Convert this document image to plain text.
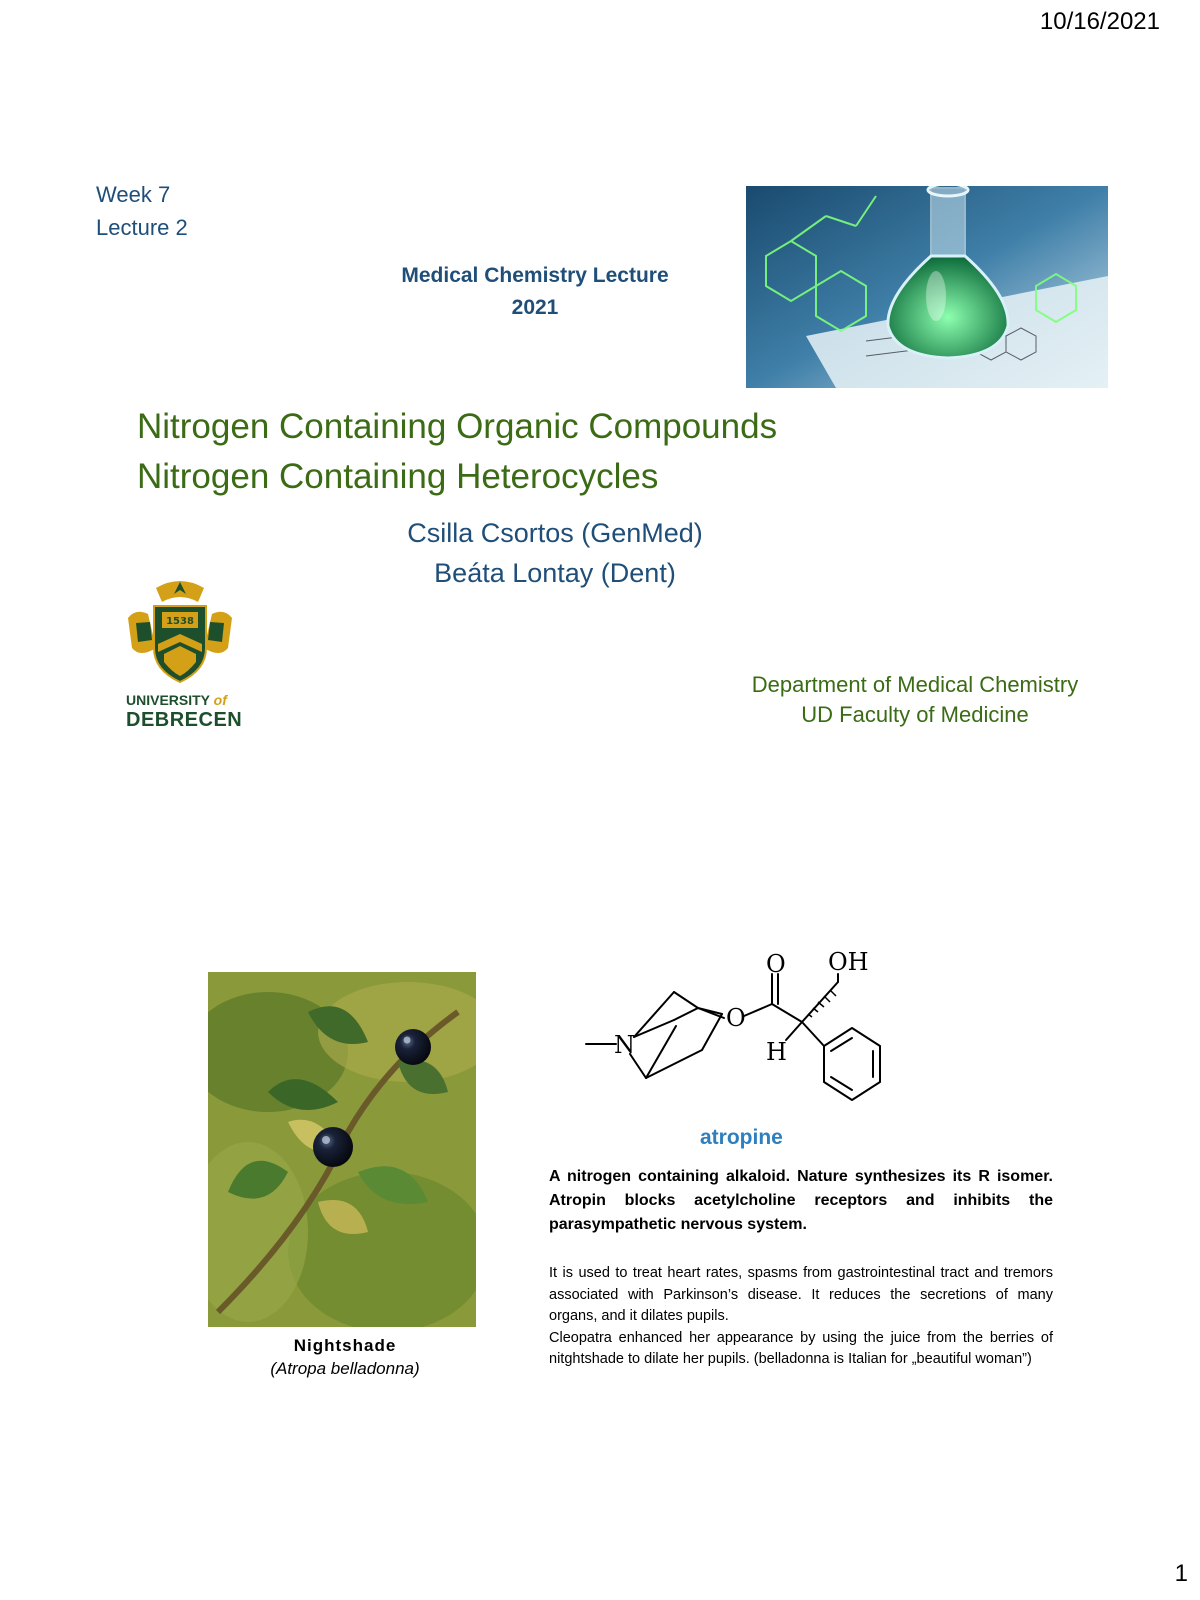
10/16/2021
Week 7
Lecture 2
Medical Chemistry Lecture
2021
Nitrogen Containing Organic Compounds
Nitrogen Containing Heterocycles
Csilla Csortos (GenMed)
Beáta Lontay (Dent)
1538
UNIVERSITY of
DEBRECEN
Department of Medical Chemistry
UD Faculty of Medicine
Nightshade
(Atropa belladonna)
N
O
O OH
H
atropine
A nitrogen containing alkaloid. Nature synthesizes its R isomer. Atropin blocks acetylcholine receptors and inhibits the parasympathetic nervous system.
It is used to treat heart rates, spasms from gastrointestinal tract and tremors associated with Parkinson’s disease. It reduces the secretions of many organs, and it dilates pupils.
Cleopatra enhanced her appearance by using the juice from the berries of nitghtshade to dilate her pupils. (belladonna is Italian for „beautiful woman”)
1
